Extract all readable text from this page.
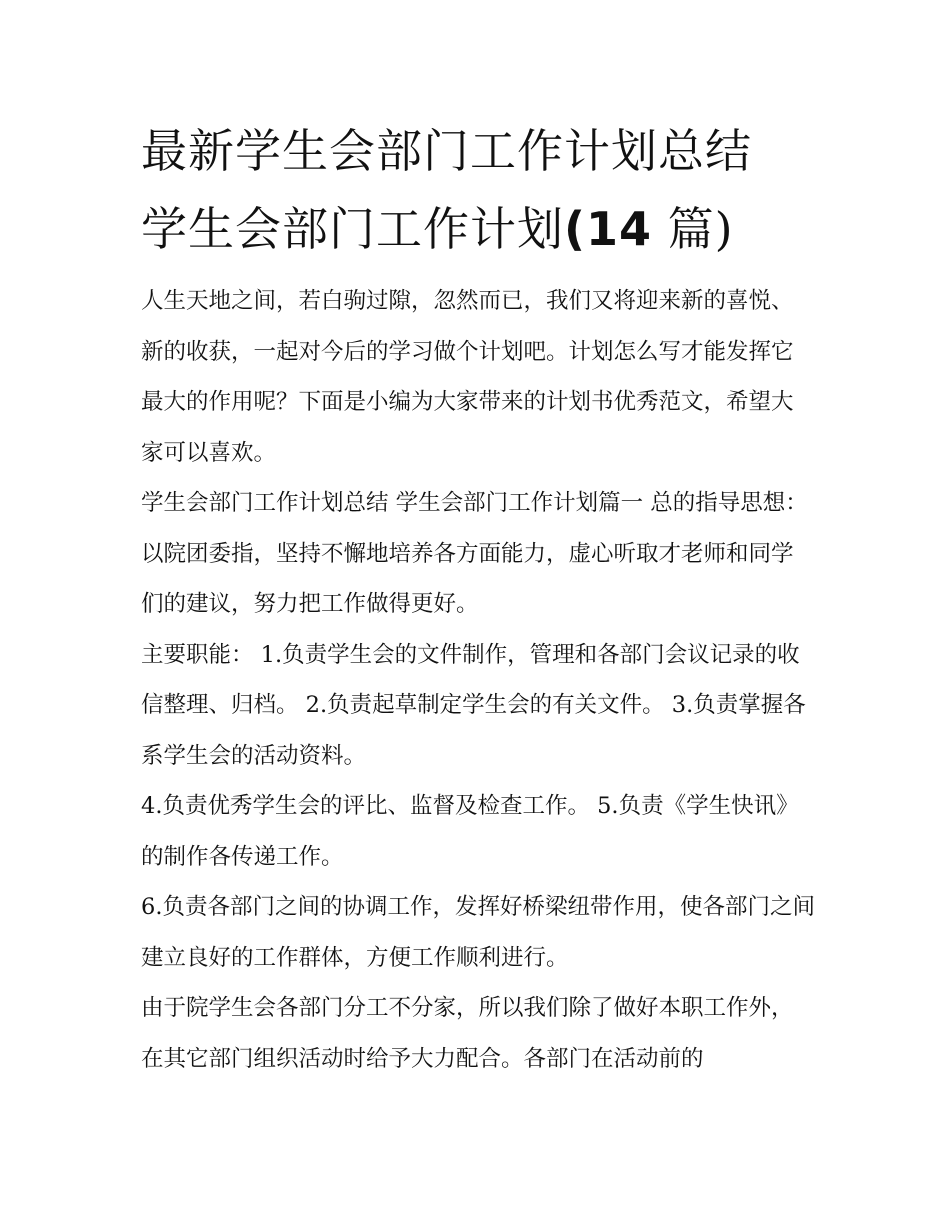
最新学生会部门工作计划总结
学生会部门工作计划(14 篇)

人生天地之间，若白驹过隙，忽然而已，我们又将迎来新的喜悦、新的收获，一起对今后的学习做个计划吧。计划怎么写才能发挥它最大的作用呢？下面是小编为大家带来的计划书优秀范文，希望大家可以喜欢。

学生会部门工作计划总结 学生会部门工作计划篇一 总的指导思想：以院团委指，坚持不懈地培养各方面能力，虚心听取才老师和同学们的建议，努力把工作做得更好。

主要职能： 1.负责学生会的文件制作，管理和各部门会议记录的收信整理、归档。 2.负责起草制定学生会的有关文件。 3.负责掌握各系学生会的活动资料。

4.负责优秀学生会的评比、监督及检查工作。 5.负责《学生快讯》的制作各传递工作。

6.负责各部门之间的协调工作，发挥好桥梁纽带作用，使各部门之间建立良好的工作群体，方便工作顺利进行。

由于院学生会各部门分工不分家，所以我们除了做好本职工作外，在其它部门组织活动时给予大力配合。各部门在活动前的
